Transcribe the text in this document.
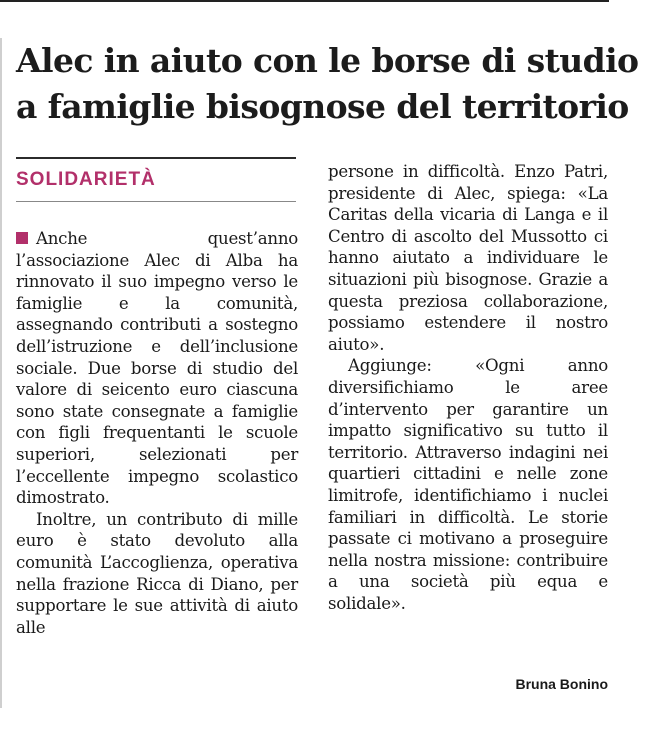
Alec in aiuto con le borse di studio
a famiglie bisognose del territorio
SOLIDARIETÀ

Anche quest’anno l’associazione Alec di Alba ha rinnovato il suo impegno verso le famiglie e la comunità, assegnando contributi a sostegno dell’istruzione e dell’inclusione sociale. Due borse di studio del valore di seicento euro ciascuna sono state consegnate a famiglie con figli frequentanti le scuole superiori, selezionati per l’eccellente impegno scolastico dimostrato.

Inoltre, un contributo di mille euro è stato devoluto alla comunità L’accoglienza, operativa nella frazione Ricca di Diano, per supportare le sue attività di aiuto alle

persone in difficoltà. Enzo Patri, presidente di Alec, spiega: «La Caritas della vicaria di Langa e il Centro di ascolto del Mussotto ci hanno aiutato a individuare le situazioni più bisognose. Grazie a questa preziosa collaborazione, possiamo estendere il nostro aiuto».

Aggiunge: «Ogni anno diversifichiamo le aree d’intervento per garantire un impatto significativo su tutto il territorio. Attraverso indagini nei quartieri cittadini e nelle zone limitrofe, identifichiamo i nuclei familiari in difficoltà. Le storie passate ci motivano a proseguire nella nostra missione: contribuire a una società più equa e solidale».

Bruna Bonino
